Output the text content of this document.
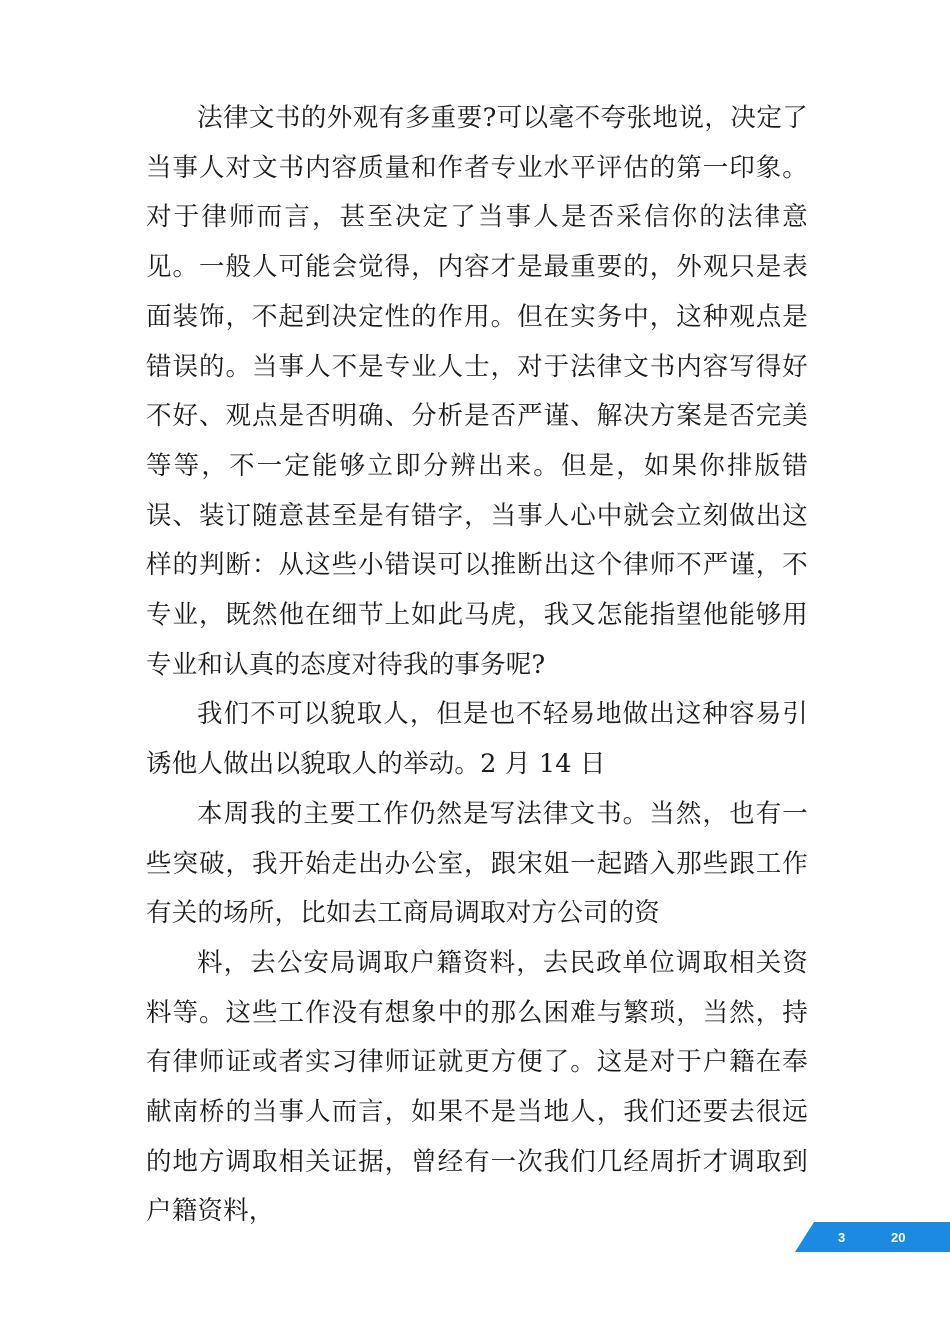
法律文书的外观有多重要?可以毫不夸张地说，决定了当事人对文书内容质量和作者专业水平评估的第一印象。对于律师而言，甚至决定了当事人是否采信你的法律意见。一般人可能会觉得，内容才是最重要的，外观只是表面装饰，不起到决定性的作用。但在实务中，这种观点是错误的。当事人不是专业人士，对于法律文书内容写得好不好、观点是否明确、分析是否严谨、解决方案是否完美等等，不一定能够立即分辨出来。但是，如果你排版错误、装订随意甚至是有错字，当事人心中就会立刻做出这样的判断：从这些小错误可以推断出这个律师不严谨，不专业，既然他在细节上如此马虎，我又怎能指望他能够用专业和认真的态度对待我的事务呢?

我们不可以貌取人，但是也不轻易地做出这种容易引诱他人做出以貌取人的举动。2 月 14 日

本周我的主要工作仍然是写法律文书。当然，也有一些突破，我开始走出办公室，跟宋姐一起踏入那些跟工作有关的场所，比如去工商局调取对方公司的资

料，去公安局调取户籍资料，去民政单位调取相关资料等。这些工作没有想象中的那么困难与繁琐，当然，持有律师证或者实习律师证就更方便了。这是对于户籍在奉献南桥的当事人而言，如果不是当地人，我们还要去很远的地方调取相关证据，曾经有一次我们几经周折才调取到户籍资料，

3	20
